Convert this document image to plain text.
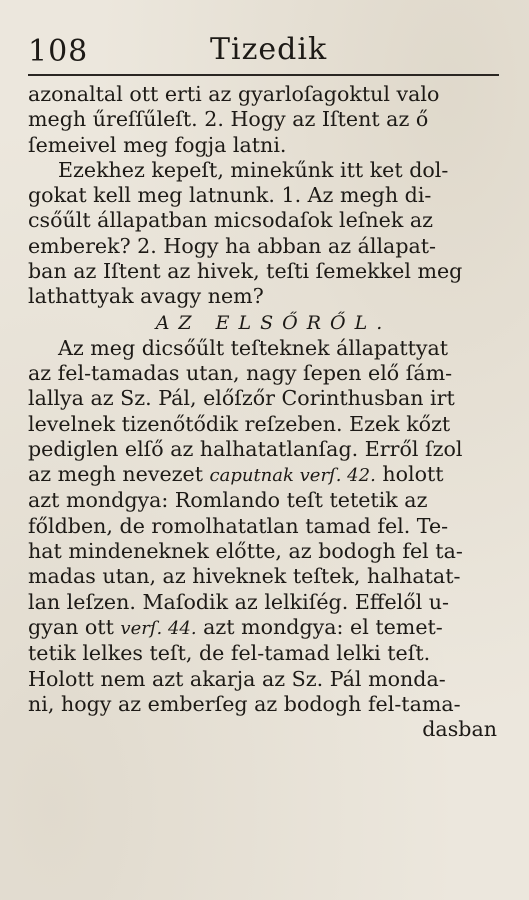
108	Tizedik
azonaltal ott erti az gyarloſagoktul valo
megh űreſſűleſt. 2. Hogy az Iſtent az ő
ſemeivel meg fogja latni.
Ezekhez kepeſt, minekűnk itt ket dol-
gokat kell meg latnunk. 1. Az megh di-
csőűlt állapatban micsodaſok leſnek az
emberek? 2. Hogy ha abban az állapat-
ban az Iſtent az hivek, teſti ſemekkel meg
lathattyak avagy nem?
AZ ELSŐRŐL.
Az meg dicsőűlt teſteknek állapattyat
az fel-tamadas utan, nagy ſepen elő ſám-
lallya az Sz. Pál, előſzőr Corinthusban irt
levelnek tizenőtődik reſzeben. Ezek kőzt
pediglen elſő az halhatatlanſag. Erről ſzol
az megh nevezet caputnak verſ. 42. holott
azt mondgya: Romlando teſt tetetik az
főldben, de romolhatatlan tamad fel. Te-
hat mindeneknek előtte, az bodogh fel ta-
madas utan, az hiveknek teſtek, halhatat-
lan leſzen. Maſodik az lelkiſég. Effelől u-
gyan ott verſ. 44. azt mondgya: el temet-
tetik lelkes teſt, de fel-tamad lelki teſt.
Holott nem azt akarja az Sz. Pál monda-
ni, hogy az emberſeg az bodogh fel-tama-
dasban
